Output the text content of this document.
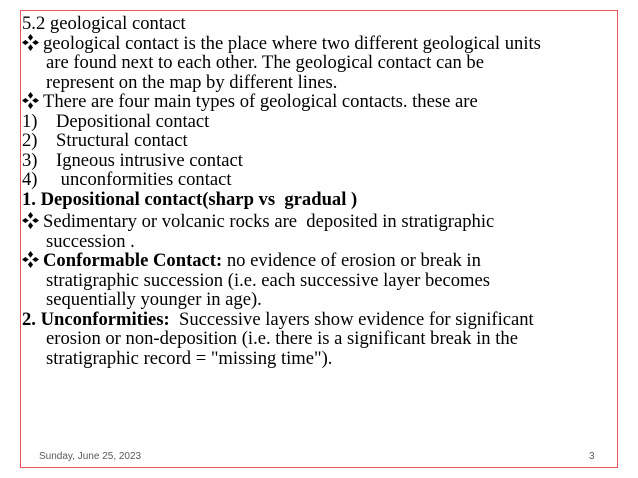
5.2 geological contact
geological contact is the place where two different geological units
are found next to each other. The geological contact can be
represent on the map by different lines.
There are four main types of geological contacts. these are
1) Depositional contact
2) Structural contact
3) Igneous intrusive contact
4) unconformities contact
1. Depositional contact(sharp vs  gradual )
Sedimentary or volcanic rocks are  deposited in stratigraphic
succession .
Conformable Contact: no evidence of erosion or break in
stratigraphic succession (i.e. each successive layer becomes
sequentially younger in age).
2. Unconformities:  Successive layers show evidence for significant
erosion or non-deposition (i.e. there is a significant break in the
stratigraphic record = "missing time").
Sunday, June 25, 2023	3
